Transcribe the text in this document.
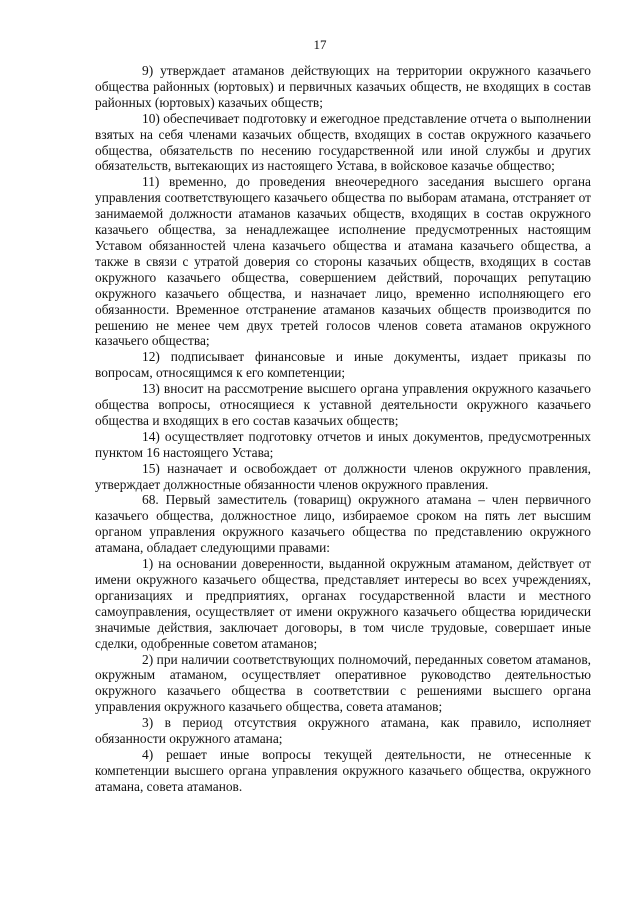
17

9) утверждает атаманов действующих на территории окружного казачьего общества районных (юртовых) и первичных казачьих обществ, не входящих в состав районных (юртовых) казачьих обществ;

10) обеспечивает подготовку и ежегодное представление отчета о выполнении взятых на себя членами казачьих обществ, входящих в состав окружного казачьего общества, обязательств по несению государственной или иной службы и других обязательств, вытекающих из настоящего Устава, в войсковое казачье общество;

11) временно, до проведения внеочередного заседания высшего органа управления соответствующего казачьего общества по выборам атамана, отстраняет от занимаемой должности атаманов казачьих обществ, входящих в состав окружного казачьего общества, за ненадлежащее исполнение предусмотренных настоящим Уставом обязанностей члена казачьего общества и атамана казачьего общества, а также в связи с утратой доверия со стороны казачьих обществ, входящих в состав окружного казачьего общества, совершением действий, порочащих репутацию окружного казачьего общества, и назначает лицо, временно исполняющего его обязанности. Временное отстранение атаманов казачьих обществ производится по решению не менее чем двух третей голосов членов совета атаманов окружного казачьего общества;

12) подписывает финансовые и иные документы, издает приказы по вопросам, относящимся к его компетенции;

13) вносит на рассмотрение высшего органа управления окружного казачьего общества вопросы, относящиеся к уставной деятельности окружного казачьего общества и входящих в его состав казачьих обществ;

14) осуществляет подготовку отчетов и иных документов, предусмотренных пунктом 16 настоящего Устава;

15) назначает и освобождает от должности членов окружного правления, утверждает должностные обязанности членов окружного правления.

68. Первый заместитель (товарищ) окружного атамана – член первичного казачьего общества, должностное лицо, избираемое сроком на пять лет высшим органом управления окружного казачьего общества по представлению окружного атамана, обладает следующими правами:

1) на основании доверенности, выданной окружным атаманом, действует от имени окружного казачьего общества, представляет интересы во всех учреждениях, организациях и предприятиях, органах государственной власти и местного самоуправления, осуществляет от имени окружного казачьего общества юридически значимые действия, заключает договоры, в том числе трудовые, совершает иные сделки, одобренные советом атаманов;

2) при наличии соответствующих полномочий, переданных советом атаманов, окружным атаманом, осуществляет оперативное руководство деятельностью окружного казачьего общества в соответствии с решениями высшего органа управления окружного казачьего общества, совета атаманов;

3) в период отсутствия окружного атамана, как правило, исполняет обязанности окружного атамана;

4) решает иные вопросы текущей деятельности, не отнесенные к компетенции высшего органа управления окружного казачьего общества, окружного атамана, совета атаманов.
